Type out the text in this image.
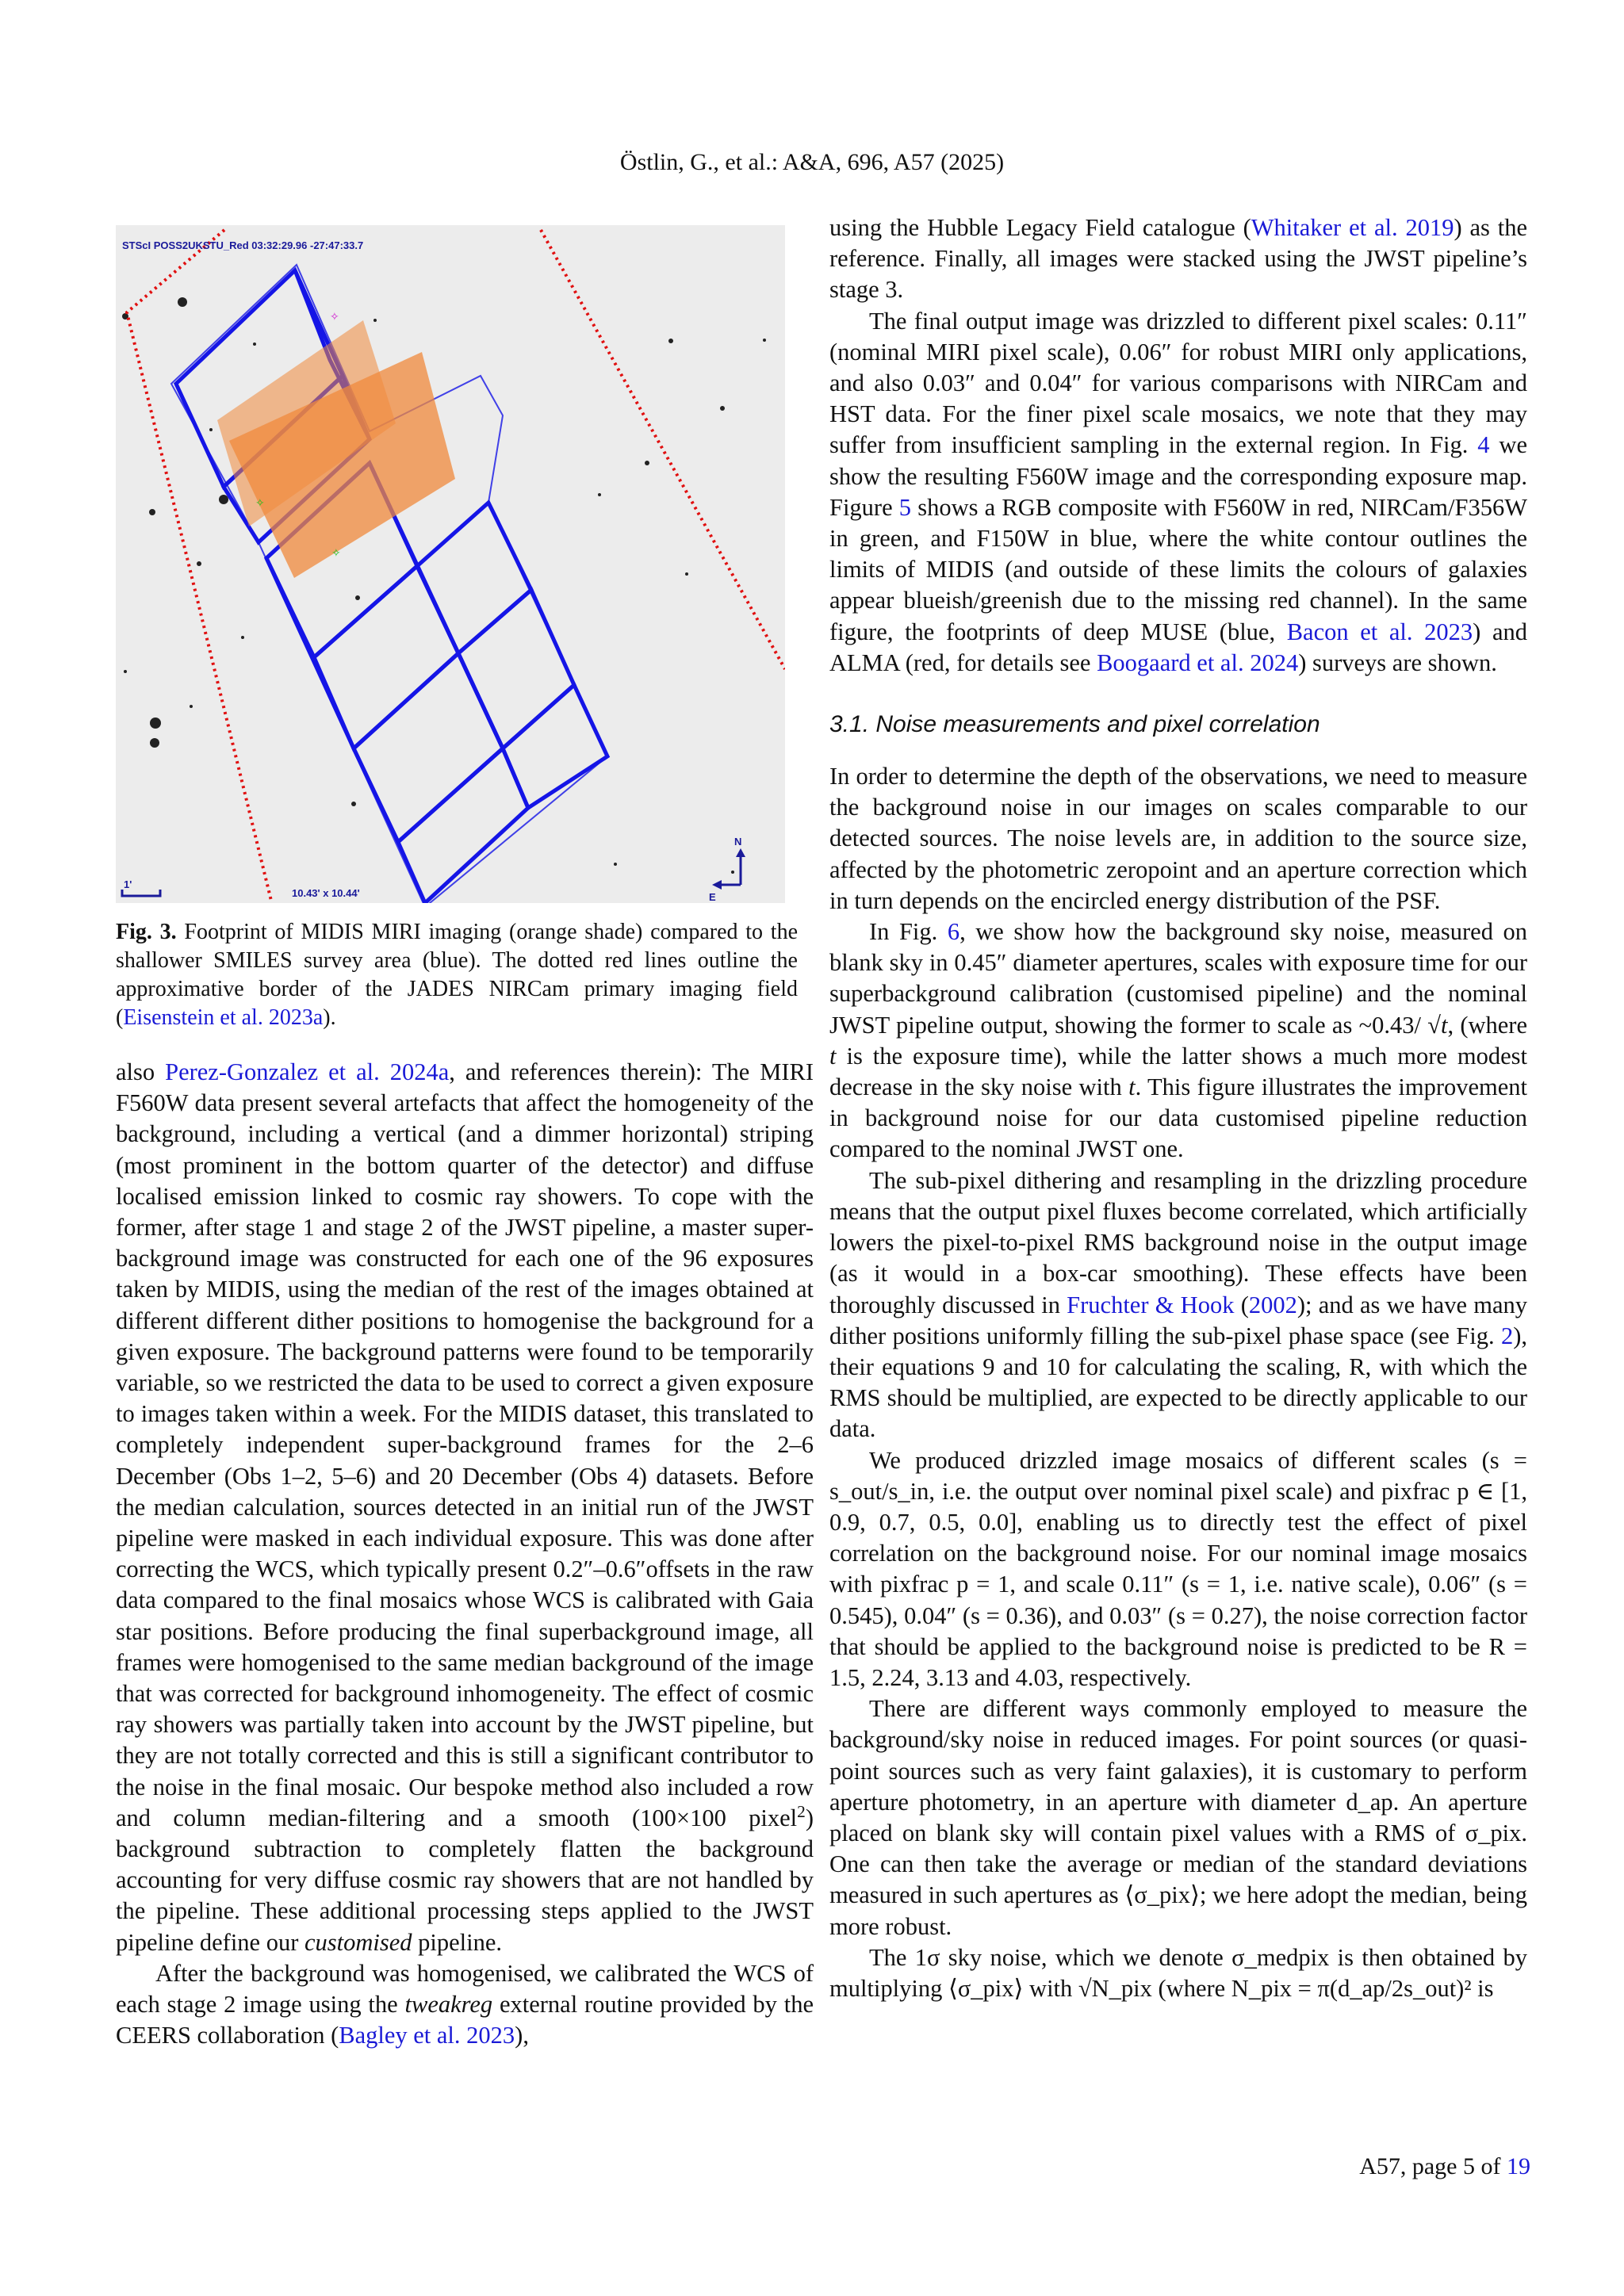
Östlin, G., et al.: A&A, 696, A57 (2025)
✧
✧
✧
STScI POSS2UKSTU_Red 03:32:29.96 -27:47:33.7
1'
10.43' x 10.44'
N
E
Fig. 3. Footprint of MIDIS MIRI imaging (orange shade) compared to the shallower SMILES survey area (blue). The dotted red lines outline the approximative border of the JADES NIRCam primary imaging field (Eisenstein et al. 2023a).

also Perez-Gonzalez et al. 2024a, and references therein): The MIRI F560W data present several artefacts that affect the homogeneity of the background, including a vertical (and a dimmer horizontal) striping (most prominent in the bottom quarter of the detector) and diffuse localised emission linked to cosmic ray showers. To cope with the former, after stage 1 and stage 2 of the JWST pipeline, a master super-background image was constructed for each one of the 96 exposures taken by MIDIS, using the median of the rest of the images obtained at different different dither positions to homogenise the background for a given exposure. The background patterns were found to be temporarily variable, so we restricted the data to be used to correct a given exposure to images taken within a week. For the MIDIS dataset, this translated to completely independent super-background frames for the 2–6 December (Obs 1–2, 5–6) and 20 December (Obs 4) datasets. Before the median calculation, sources detected in an initial run of the JWST pipeline were masked in each individual exposure. This was done after correcting the WCS, which typically present 0.2″–0.6″offsets in the raw data compared to the final mosaics whose WCS is calibrated with Gaia star positions. Before producing the final superbackground image, all frames were homogenised to the same median background of the image that was corrected for background inhomogeneity. The effect of cosmic ray showers was partially taken into account by the JWST pipeline, but they are not totally corrected and this is still a significant contributor to the noise in the final mosaic. Our bespoke method also included a row and column median-filtering and a smooth (100×100 pixel$^2$) background subtraction to completely flatten the background accounting for very diffuse cosmic ray showers that are not handled by the pipeline. These additional processing steps applied to the JWST pipeline define our customised pipeline.

After the background was homogenised, we calibrated the WCS of each stage 2 image using the tweakreg external routine provided by the CEERS collaboration (Bagley et al. 2023),

using the Hubble Legacy Field catalogue (Whitaker et al. 2019) as the reference. Finally, all images were stacked using the JWST pipeline’s stage 3.

The final output image was drizzled to different pixel scales: 0.11″ (nominal MIRI pixel scale), 0.06″ for robust MIRI only applications, and also 0.03″ and 0.04″ for various comparisons with NIRCam and HST data. For the finer pixel scale mosaics, we note that they may suffer from insufficient sampling in the external region. In Fig. 4 we show the resulting F560W image and the corresponding exposure map. Figure 5 shows a RGB composite with F560W in red, NIRCam/F356W in green, and F150W in blue, where the white contour outlines the limits of MIDIS (and outside of these limits the colours of galaxies appear blueish/greenish due to the missing red channel). In the same figure, the footprints of deep MUSE (blue, Bacon et al. 2023) and ALMA (red, for details see Boogaard et al. 2024) surveys are shown.

3.1. Noise measurements and pixel correlation

In order to determine the depth of the observations, we need to measure the background noise in our images on scales comparable to our detected sources. The noise levels are, in addition to the source size, affected by the photometric zeropoint and an aperture correction which in turn depends on the encircled energy distribution of the PSF.

In Fig. 6, we show how the background sky noise, measured on blank sky in 0.45″ diameter apertures, scales with exposure time for our superbackground calibration (customised pipeline) and the nominal JWST pipeline output, showing the former to scale as ~0.43/ √t, (where t is the exposure time), while the latter shows a much more modest decrease in the sky noise with t. This figure illustrates the improvement in background noise for our data customised pipeline reduction compared to the nominal JWST one.

The sub-pixel dithering and resampling in the drizzling procedure means that the output pixel fluxes become correlated, which artificially lowers the pixel-to-pixel RMS background noise in the output image (as it would in a box-car smoothing). These effects have been thoroughly discussed in Fruchter & Hook (2002); and as we have many dither positions uniformly filling the sub-pixel phase space (see Fig. 2), their equations 9 and 10 for calculating the scaling, R, with which the RMS should be multiplied, are expected to be directly applicable to our data.

We produced drizzled image mosaics of different scales (s = s_out/s_in, i.e. the output over nominal pixel scale) and pixfrac p ∈ [1, 0.9, 0.7, 0.5, 0.0], enabling us to directly test the effect of pixel correlation on the background noise. For our nominal image mosaics with pixfrac p = 1, and scale 0.11″ (s = 1, i.e. native scale), 0.06″ (s = 0.545), 0.04″ (s = 0.36), and 0.03″ (s = 0.27), the noise correction factor that should be applied to the background noise is predicted to be R = 1.5, 2.24, 3.13 and 4.03, respectively.

There are different ways commonly employed to measure the background/sky noise in reduced images. For point sources (or quasi-point sources such as very faint galaxies), it is customary to perform aperture photometry, in an aperture with diameter d_ap. An aperture placed on blank sky will contain pixel values with a RMS of σ_pix. One can then take the average or median of the standard deviations measured in such apertures as ⟨σ_pix⟩; we here adopt the median, being more robust.

The 1σ sky noise, which we denote σ_medpix is then obtained by multiplying ⟨σ_pix⟩ with √N_pix (where N_pix = π(d_ap/2s_out)² is

A57, page 5 of 19
